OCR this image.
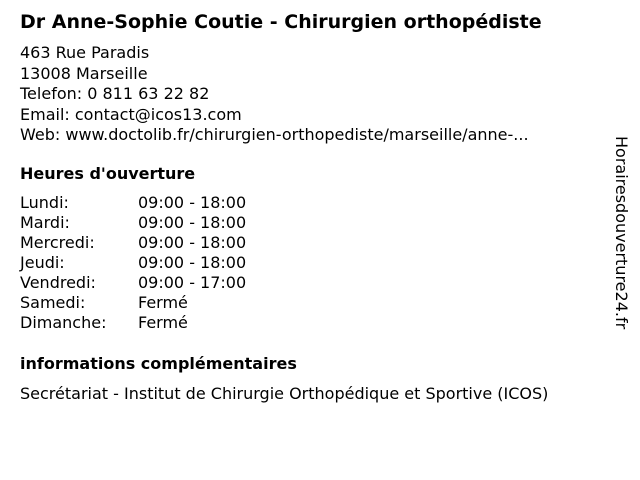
Dr Anne-Sophie Coutie - Chirurgien orthopédiste
463 Rue Paradis
13008 Marseille
Telefon: 0 811 63 22 82
Email: contact@icos13.com
Web: www.doctolib.fr/chirurgien-orthopediste/marseille/anne-...
Heures d'ouverture
Lundi:	09:00 - 18:00
Mardi:	09:00 - 18:00
Mercredi:	09:00 - 18:00
Jeudi:	09:00 - 18:00
Vendredi:	09:00 - 17:00
Samedi:	Fermé
Dimanche:	Fermé
informations complémentaires
Secrétariat - Institut de Chirurgie Orthopédique et Sportive (ICOS)
Horairesdouverture24.fr
